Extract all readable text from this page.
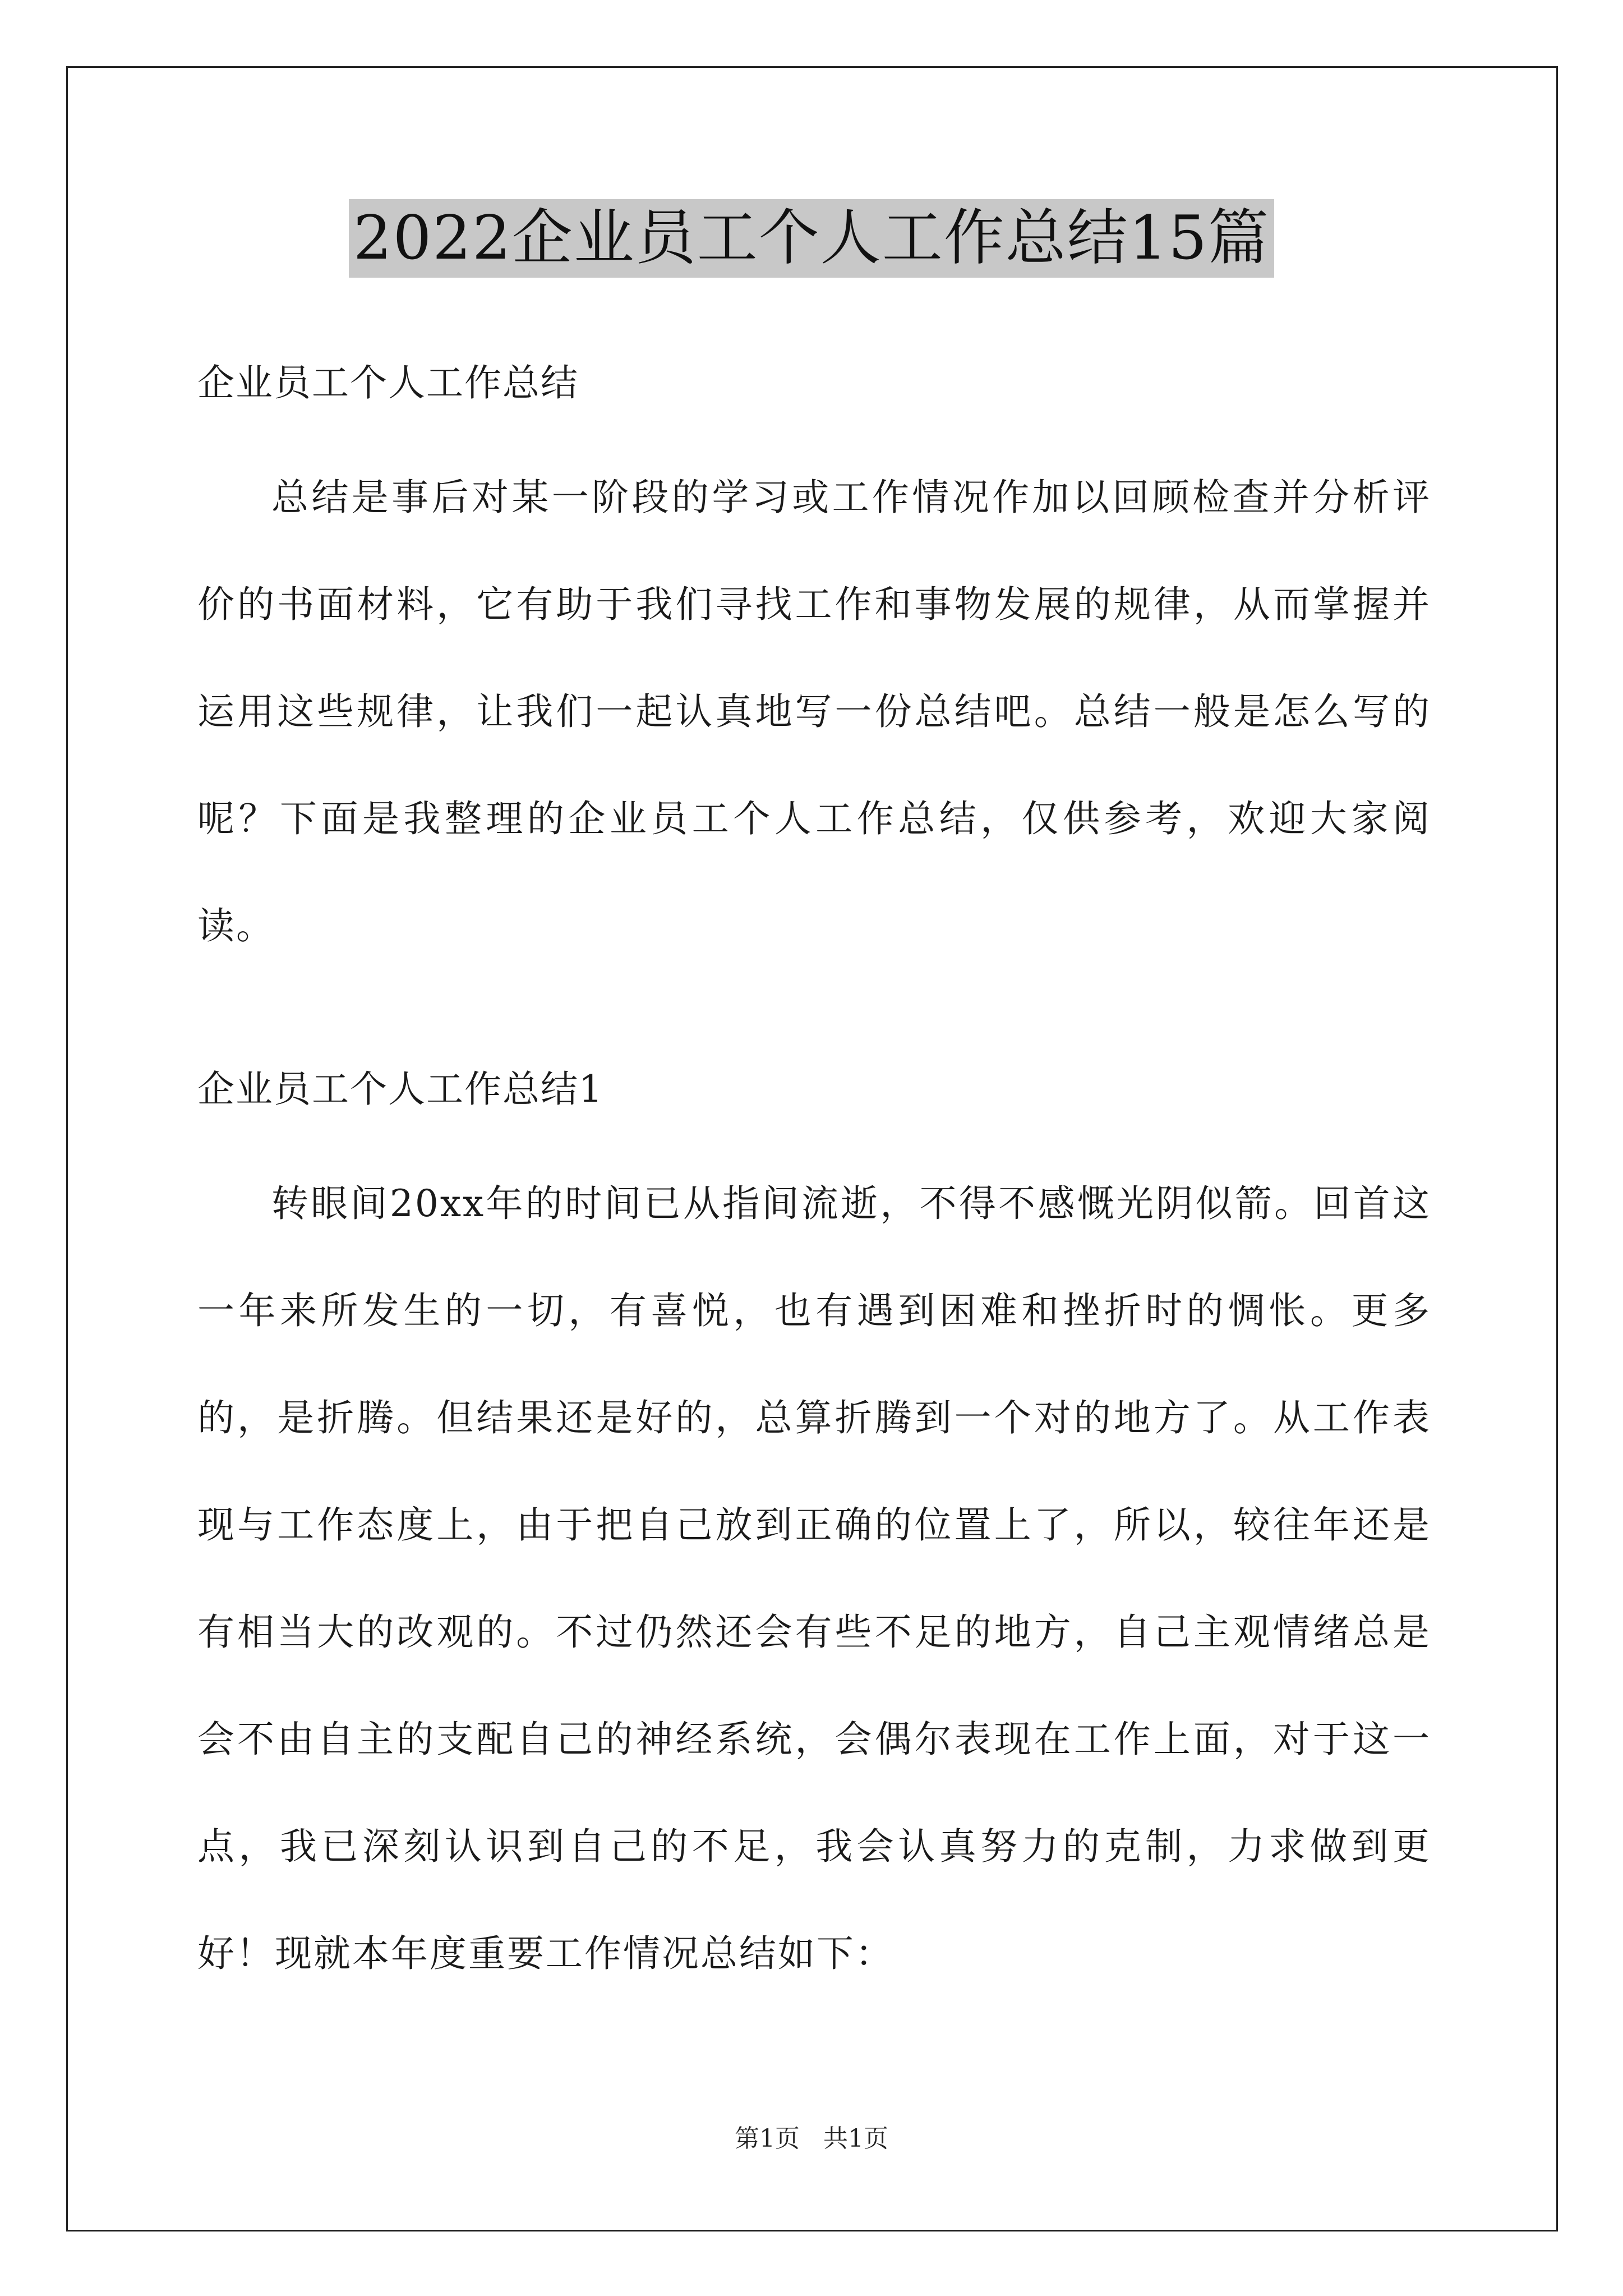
2022企业员工个人工作总结15篇

企业员工个人工作总结

总结是事后对某一阶段的学习或工作情况作加以回顾检查并分析评价的书面材料，它有助于我们寻找工作和事物发展的规律，从而掌握并运用这些规律，让我们一起认真地写一份总结吧。总结一般是怎么写的呢？下面是我整理的企业员工个人工作总结，仅供参考，欢迎大家阅读。

企业员工个人工作总结1

转眼间20xx年的时间已从指间流逝，不得不感慨光阴似箭。回首这一年来所发生的一切，有喜悦，也有遇到困难和挫折时的惆怅。更多的，是折腾。但结果还是好的，总算折腾到一个对的地方了。从工作表现与工作态度上，由于把自己放到正确的位置上了，所以，较往年还是有相当大的改观的。不过仍然还会有些不足的地方，自己主观情绪总是会不由自主的支配自己的神经系统，会偶尔表现在工作上面，对于这一点，我已深刻认识到自己的不足，我会认真努力的克制，力求做到更好！现就本年度重要工作情况总结如下：

第1页 共1页
